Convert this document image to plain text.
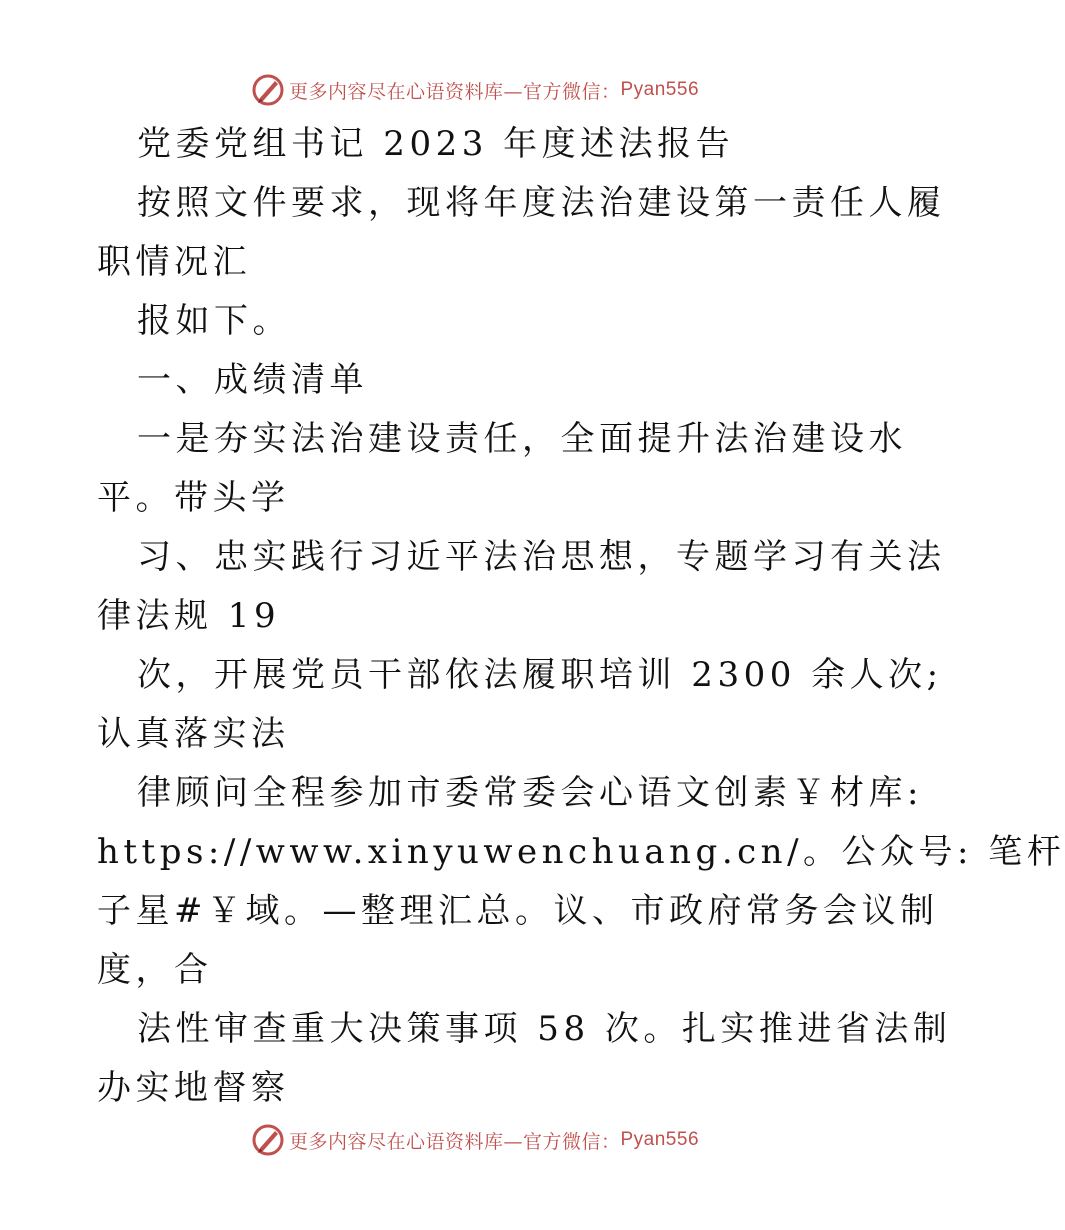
更多内容尽在心语资料库—官方微信： Pyan556
党委党组书记 2023 年度述法报告
按照文件要求，现将年度法治建设第一责任人履
职情况汇
报如下。
一、成绩清单
一是夯实法治建设责任，全面提升法治建设水
平。带头学
习、忠实践行习近平法治思想，专题学习有关法
律法规 19
次，开展党员干部依法履职培训 2300 余人次;
认真落实法
律顾问全程参加市委常委会心语文创素￥材库:
https://www.xinyuwenchuang.cn/。公众号: 笔杆
子星#￥域。—整理汇总。议、市政府常务会议制
度，合
法性审查重大决策事项 58 次。扎实推进省法制
办实地督察
更多内容尽在心语资料库—官方微信： Pyan556
